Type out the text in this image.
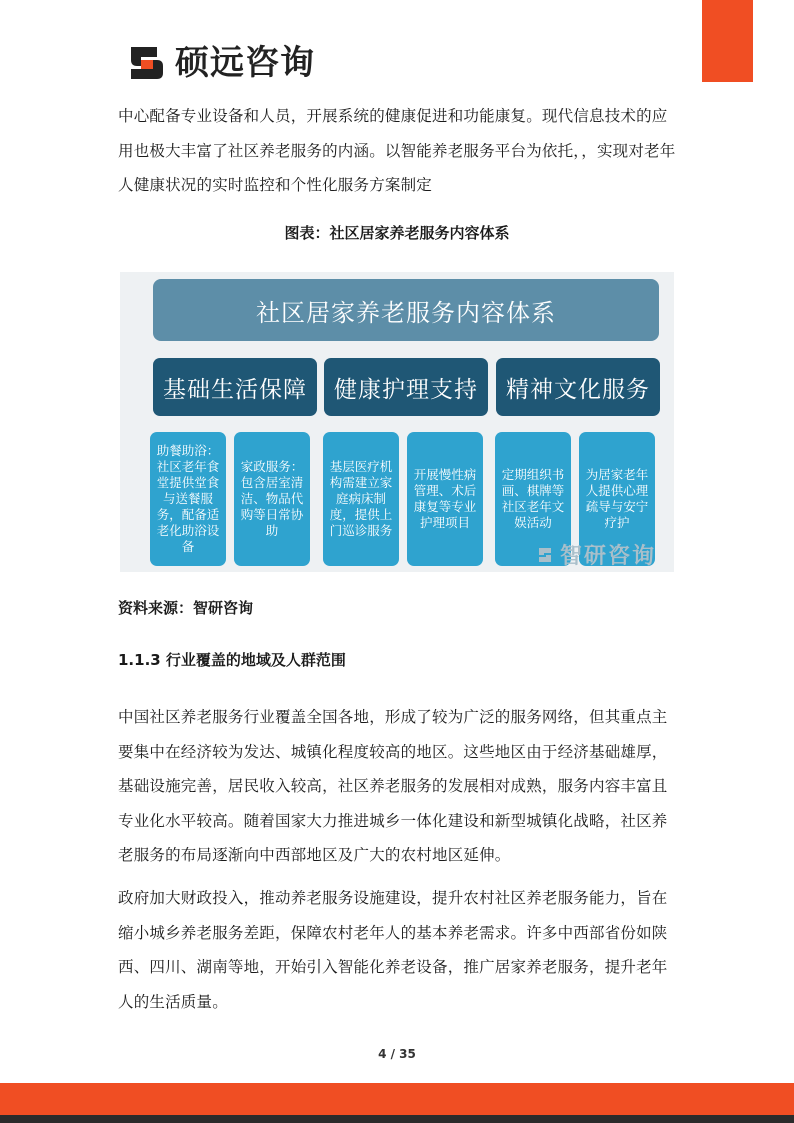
硕远咨询

中心配备专业设备和人员，开展系统的健康促进和功能康复。现代信息技术的应用也极大丰富了社区养老服务的内涵。以智能养老服务平台为依托，，实现对老年人健康状况的实时监控和个性化服务方案制定

图表：社区居家养老服务内容体系

社区居家养老服务内容体系
基础生活保障	健康护理支持	精神文化服务
助餐助浴：社区老年食堂提供堂食与送餐服务，配备适老化助浴设备
家政服务：包含居室清洁、物品代购等日常协助
基层医疗机构需建立家庭病床制度，提供上门巡诊服务
开展慢性病管理、术后康复等专业护理项目
定期组织书画、棋牌等社区老年文娱活动
为居家老年人提供心理疏导与安宁疗护
智研咨询

资料来源：智研咨询

1.1.3 行业覆盖的地域及人群范围

中国社区养老服务行业覆盖全国各地，形成了较为广泛的服务网络，但其重点主要集中在经济较为发达、城镇化程度较高的地区。这些地区由于经济基础雄厚，基础设施完善，居民收入较高，社区养老服务的发展相对成熟，服务内容丰富且专业化水平较高。随着国家大力推进城乡一体化建设和新型城镇化战略，社区养老服务的布局逐渐向中西部地区及广大的农村地区延伸。

政府加大财政投入，推动养老服务设施建设，提升农村社区养老服务能力，旨在缩小城乡养老服务差距，保障农村老年人的基本养老需求。许多中西部省份如陕西、四川、湖南等地，开始引入智能化养老设备，推广居家养老服务，提升老年人的生活质量。

4 / 35
